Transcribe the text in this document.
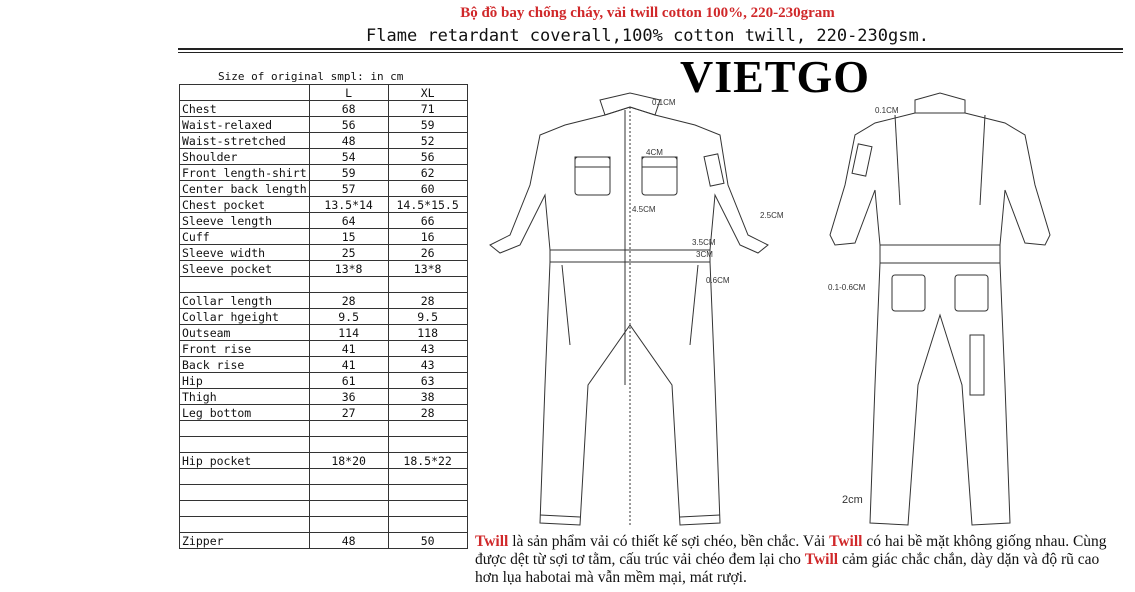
Bộ đồ bay chống cháy, vải twill cotton 100%, 220-230gram
Flame retardant coverall,100% cotton twill, 220-230gsm.
VIETGO
Size of original smpl: in cm
	L	XL
Chest	68	71
Waist-relaxed	56	59
Waist-stretched	48	52
Shoulder	54	56
Front length-shirt	59	62
Center back length	57	60
Chest pocket	13.5*14	14.5*15.5
Sleeve length	64	66
Cuff	15	16
Sleeve width	25	26
Sleeve pocket	13*8	13*8

Collar length	28	28
Collar hgeight	9.5	9.5
Outseam	114	118
Front rise	41	43
Back rise	41	43
Hip	61	63
Thigh	36	38
Leg bottom	27	28

Hip pocket	18*20	18.5*22

Zipper	48	50
0.1CM
4CM
4.5CM
2.5CM
3.5CM
3CM
0.6CM
0.1CM
0.1-0.6CM
2cm
Twill là sản phẩm vải có thiết kế sợi chéo, bền chắc. Vải Twill có hai bề mặt không giống nhau. Cùng được dệt từ sợi tơ tằm, cấu trúc vải chéo đem lại cho Twill cảm giác chắc chắn, dày dặn và độ rũ cao hơn lụa habotai mà vẫn mềm mại, mát rượi.
